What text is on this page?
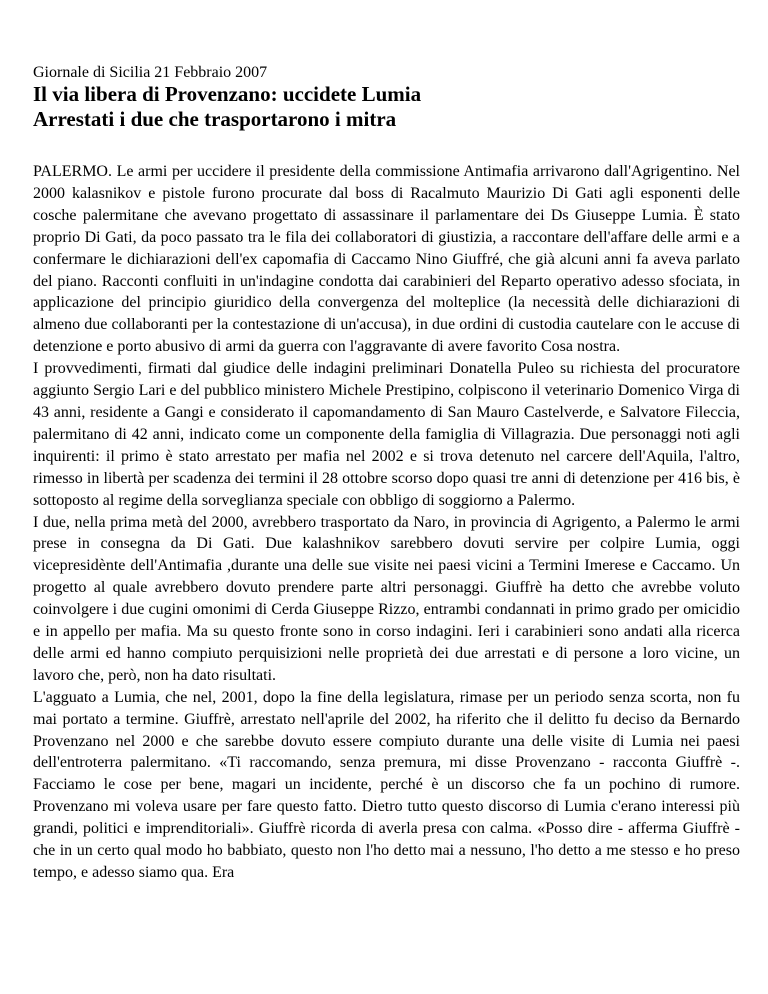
Giornale di Sicilia 21 Febbraio 2007

Il via libera di Provenzano: uccidete Lumia
Arrestati i due che trasportarono i mitra

PALERMO. Le armi per uccidere il presidente della commissione Antimafia arrivarono dall'Agrigentino. Nel 2000 kalasnikov e pistole furono procurate dal boss di Racalmuto Maurizio Di Gati agli esponenti delle cosche palermitane che avevano progettato di assassinare il parlamentare dei Ds Giuseppe Lumia. È stato proprio Di Gati, da poco passato tra le fila dei collaboratori di giustizia, a raccontare dell'affare delle armi e a confermare le dichiarazioni dell'ex capomafia di Caccamo Nino Giuffré, che già alcuni anni fa aveva parlato del piano. Racconti confluiti in un'indagine condotta dai carabinieri del Reparto operativo adesso sfociata, in applicazione del principio giuridico della convergenza del molteplice (la necessità delle dichiarazioni di almeno due collaboranti per la contestazione di un'accusa), in due ordini di custodia cautelare con le accuse di detenzione e porto abusivo di armi da guerra con l'aggravante di avere favorito Cosa nostra.

I provvedimenti, firmati dal giudice delle indagini preliminari Donatella Puleo su richiesta del procuratore aggiunto Sergio Lari e del pubblico ministero Michele Prestipino, colpiscono il veterinario Domenico Virga di 43 anni, residente a Gangi e considerato il capomandamento di San Mauro Castelverde, e Salvatore Fileccia, palermitano di 42 anni, indicato come un componente della famiglia di Villagrazia. Due personaggi noti agli inquirenti: il primo è stato arrestato per mafia nel 2002 e si trova detenuto nel carcere dell'Aquila, l'altro, rimesso in libertà per scadenza dei termini il 28 ottobre scorso dopo quasi tre anni di detenzione per 416 bis, è sottoposto al regime della sorveglianza speciale con obbligo di soggiorno a Palermo.

I due, nella prima metà del 2000, avrebbero trasportato da Naro, in provincia di Agrigento, a Palermo le armi prese in consegna da Di Gati. Due kalashnikov sarebbero dovuti servire per colpire Lumia, oggi vicepresidènte dell'Antimafia ,durante una delle sue visite nei paesi vicini a Termini Imerese e Caccamo. Un progetto al quale avrebbero dovuto prendere parte altri personaggi. Giuffrè ha detto che avrebbe voluto coinvolgere i due cugini omonimi di Cerda Giuseppe Rizzo, entrambi condannati in primo grado per omicidio e in appello per mafia. Ma su questo fronte sono in corso indagini. Ieri i carabinieri sono andati alla ricerca delle armi ed hanno compiuto perquisizioni nelle proprietà dei due arrestati e di persone a loro vicine, un lavoro che, però, non ha dato risultati.

L'agguato a Lumia, che nel, 2001, dopo la fine della legislatura, rimase per un periodo senza scorta, non fu mai portato a termine. Giuffrè, arrestato nell'aprile del 2002, ha riferito che il delitto fu deciso da Bernardo Provenzano nel 2000 e che sarebbe dovuto essere compiuto durante una delle visite di Lumia nei paesi dell'entroterra palermitano. «Ti raccomando, senza premura, mi disse Provenzano - racconta Giuffrè -. Facciamo le cose per bene, magari un incidente, perché è un discorso che fa un pochino di rumore. Provenzano mi voleva usare per fare questo fatto. Dietro tutto questo discorso di Lumia c'erano interessi più grandi, politici e imprenditoriali». Giuffrè ricorda di averla presa con calma. «Posso dire - afferma Giuffrè - che in un certo qual modo ho babbiato, questo non l'ho detto mai a nessuno, l'ho detto a me stesso e ho preso tempo, e adesso siamo qua. Era
